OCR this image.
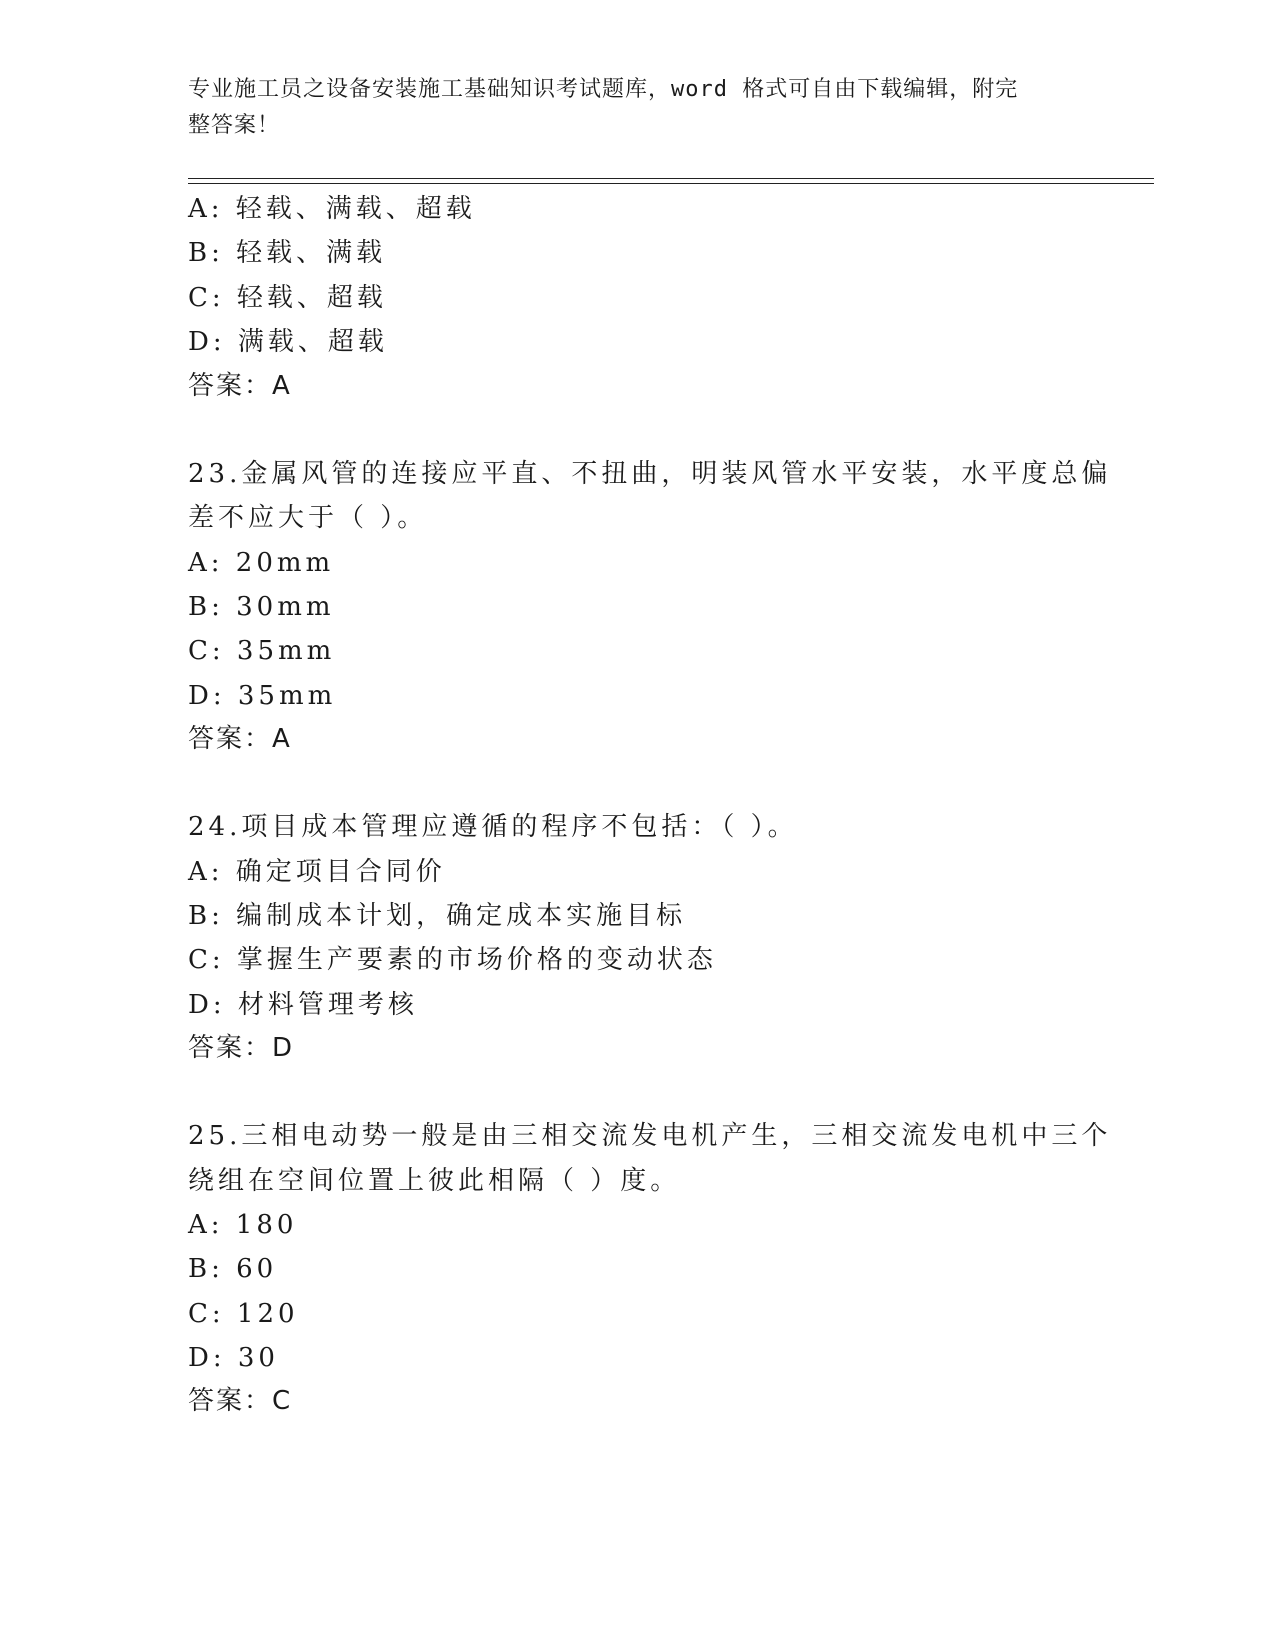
专业施工员之设备安装施工基础知识考试题库，word 格式可自由下载编辑，附完
整答案！
A: 轻载、满载、超载
B: 轻载、满载
C: 轻载、超载
D: 满载、超载
答案：A
23.金属风管的连接应平直、不扭曲，明装风管水平安装，水平度总偏
差不应大于（ ）。
A: 20mm
B: 30mm
C: 35mm
D: 35mm
答案：A
24.项目成本管理应遵循的程序不包括：（ ）。
A: 确定项目合同价
B: 编制成本计划，确定成本实施目标
C: 掌握生产要素的市场价格的变动状态
D: 材料管理考核
答案：D
25.三相电动势一般是由三相交流发电机产生，三相交流发电机中三个
绕组在空间位置上彼此相隔（ ）度。
A: 180
B: 60
C: 120
D: 30
答案：C
